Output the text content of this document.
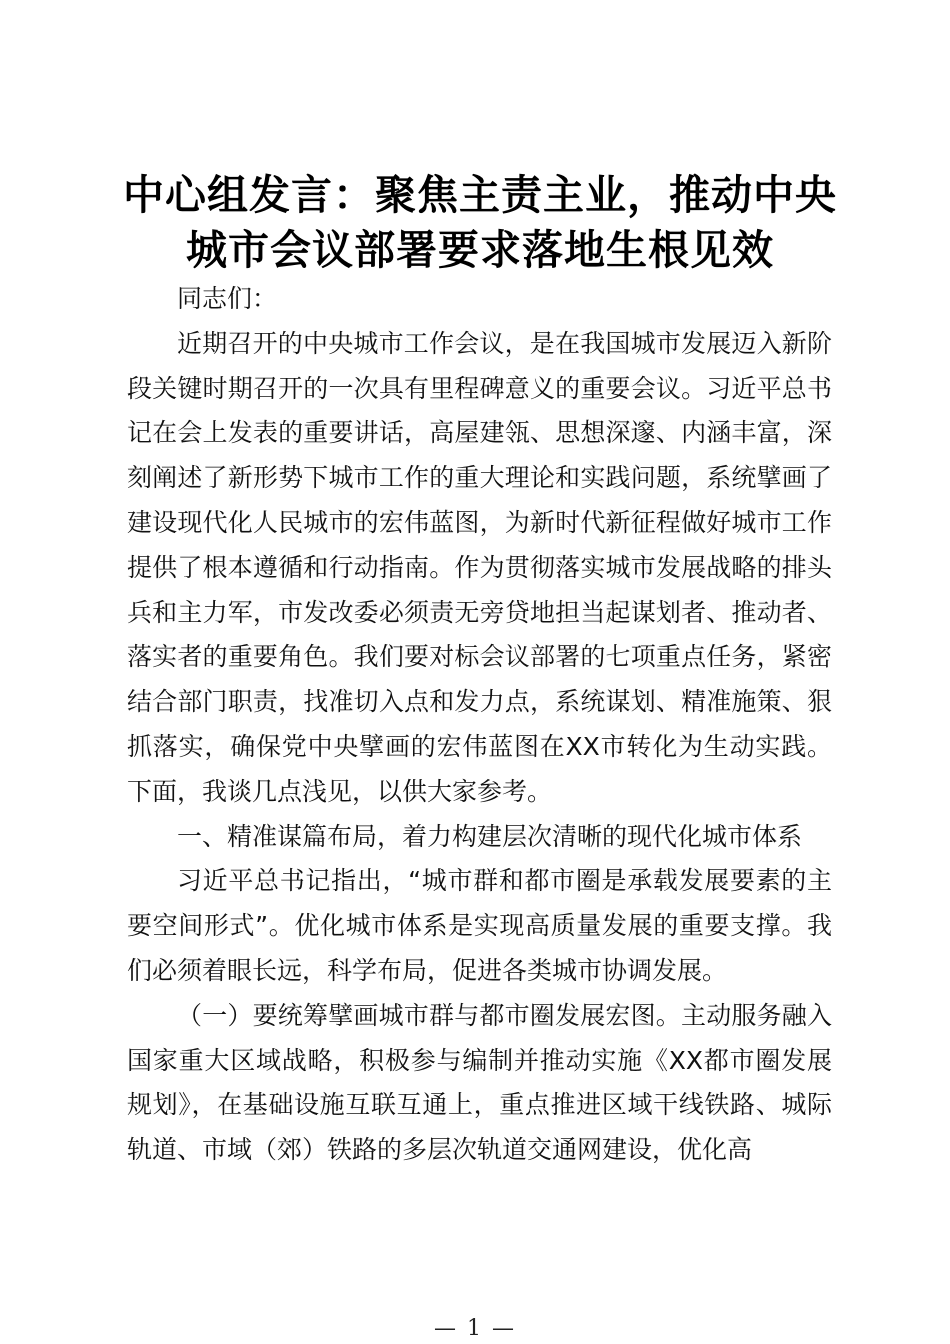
中心组发言：聚焦主责主业，推动中央
城市会议部署要求落地生根见效

同志们：

近期召开的中央城市工作会议，是在我国城市发展迈入新阶段关键时期召开的一次具有里程碑意义的重要会议。习近平总书记在会上发表的重要讲话，高屋建瓴、思想深邃、内涵丰富，深刻阐述了新形势下城市工作的重大理论和实践问题，系统擘画了建设现代化人民城市的宏伟蓝图，为新时代新征程做好城市工作提供了根本遵循和行动指南。作为贯彻落实城市发展战略的排头兵和主力军，市发改委必须责无旁贷地担当起谋划者、推动者、落实者的重要角色。我们要对标会议部署的七项重点任务，紧密结合部门职责，找准切入点和发力点，系统谋划、精准施策、狠抓落实，确保党中央擘画的宏伟蓝图在XX市转化为生动实践。下面，我谈几点浅见，以供大家参考。

一、精准谋篇布局，着力构建层次清晰的现代化城市体系

习近平总书记指出，“城市群和都市圈是承载发展要素的主要空间形式”。优化城市体系是实现高质量发展的重要支撑。我们必须着眼长远，科学布局，促进各类城市协调发展。

（一）要统筹擘画城市群与都市圈发展宏图。主动服务融入国家重大区域战略，积极参与编制并推动实施《XX都市圈发展规划》，在基础设施互联互通上，重点推进区域干线铁路、城际轨道、市域（郊）铁路的多层次轨道交通网建设，优化高

— 1 —
